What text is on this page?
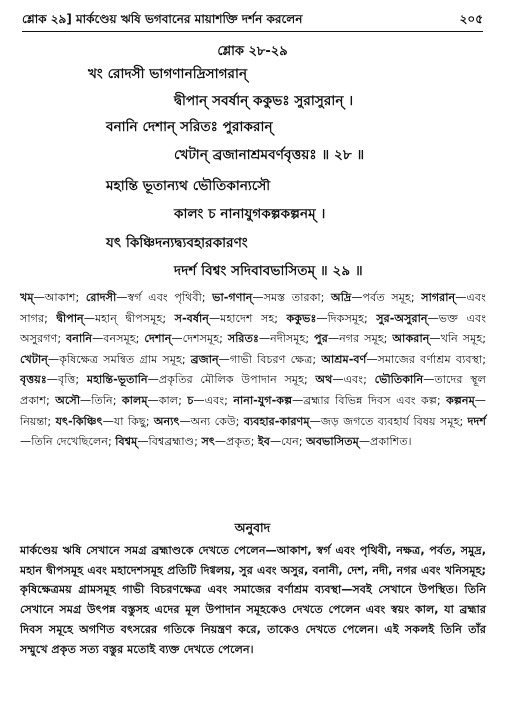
শ্লোক ২৯] মার্কণ্ডেয় ঋষি ভগবানের মায়াশক্তি দর্শন করলেন	২০৫
শ্লোক ২৮-২৯
খং রোদসী ভাগণানদ্রিসাগরান্
দ্বীপান্ সবর্ষান্ ককুভঃ সুরাসুরান্ ।
বনানি দেশান্ সরিতঃ পুরাকরান্
খেটান্ ব্রজানাশ্রমবর্ণবৃত্তয়ঃ ॥ ২৮ ॥
মহান্তি ভূতান্যথ ভৌতিকান্যসৌ
কালং চ নানাযুগকল্পকল্পনম্ ।
যৎ কিঞ্চিদন্যদ্ব্যবহারকারণং
দদর্শ বিশ্বং সদিবাবভাসিতম্ ॥ ২৯ ॥
খম্—আকাশ; রোদসী—স্বর্গ এবং পৃথিবী; ভা-গণান্—সমস্ত তারকা; অদ্রি—পর্বত সমূহ; সাগরান্—এবং সাগর; দ্বীপান্—মহান্ দ্বীপসমূহ; স-বর্ষান্—মহাদেশ সহ; ককুভঃ—দিকসমূহ; সুর-অসুরান্—ভক্ত এবং অসুরগণ; বনানি—বনসমূহ; দেশান্—দেশসমূহ; সরিতঃ—নদীসমূহ; পুর—নগর সমূহ; আকরান্—খনি সমূহ; খেটান্—কৃষিক্ষেত্র সমন্বিত গ্রাম সমূহ; ব্রজান্—গাভী বিচরণ ক্ষেত্র; আশ্রম-বর্ণ—সমাজের বর্ণাশ্রম ব্যবস্থা; বৃত্তয়ঃ—বৃত্তি; মহান্তি-ভূতানি—প্রকৃতির মৌলিক উপাদান সমূহ; অথ—এবং; ভৌতিকানি—তাদের স্থূল প্রকাশ; অসৌ—তিনি; কালম্—কাল; চ—এবং; নানা-যুগ-কল্প—ব্রহ্মার বিভিন্ন দিবস এবং কল্প; কল্পনম্—নিয়ন্তা; যৎ-কিঞ্চিৎ—যা কিছু; অন্যৎ—অন্য কেউ; ব্যবহার-কারণম্—জড় জগতে ব্যবহার্য বিষয় সমূহ; দদর্শ—তিনি দেখেছিলেন; বিশ্বম্—বিশ্বব্রহ্মাণ্ড; সৎ—প্রকৃত; ইব—যেন; অবভাসিতম্—প্রকাশিত।
অনুবাদ
মার্কণ্ডেয় ঋষি সেখানে সমগ্র ব্রহ্মাণ্ডকে দেখতে পেলেন—আকাশ, স্বর্গ এবং পৃথিবী, নক্ষত্র, পর্বত, সমুদ্র, মহান দ্বীপসমূহ এবং মহাদেশসমূহ প্রতিটি দিগ্বলয়, সুর এবং অসুর, বনানী, দেশ, নদী, নগর এবং খনিসমূহ; কৃষিক্ষেত্রময় গ্রামসমূহ গাভী বিচরণক্ষেত্র এবং সমাজের বর্ণাশ্রম ব্যবস্থা—সবই সেখানে উপস্থিত। তিনি সেখানে সমগ্র উৎপন্ন বস্তুসহ এদের মূল উপাদান সমূহকেও দেখতে পেলেন এবং স্বয়ং কাল, যা ব্রহ্মার দিবস সমূহে অগণিত বৎসরের গতিকে নিয়ন্ত্রণ করে, তাকেও দেখতে পেলেন। এই সকলই তিনি তাঁর সম্মুখে প্রকৃত সত্য বস্তুর মতোই ব্যক্ত দেখতে পেলেন।
